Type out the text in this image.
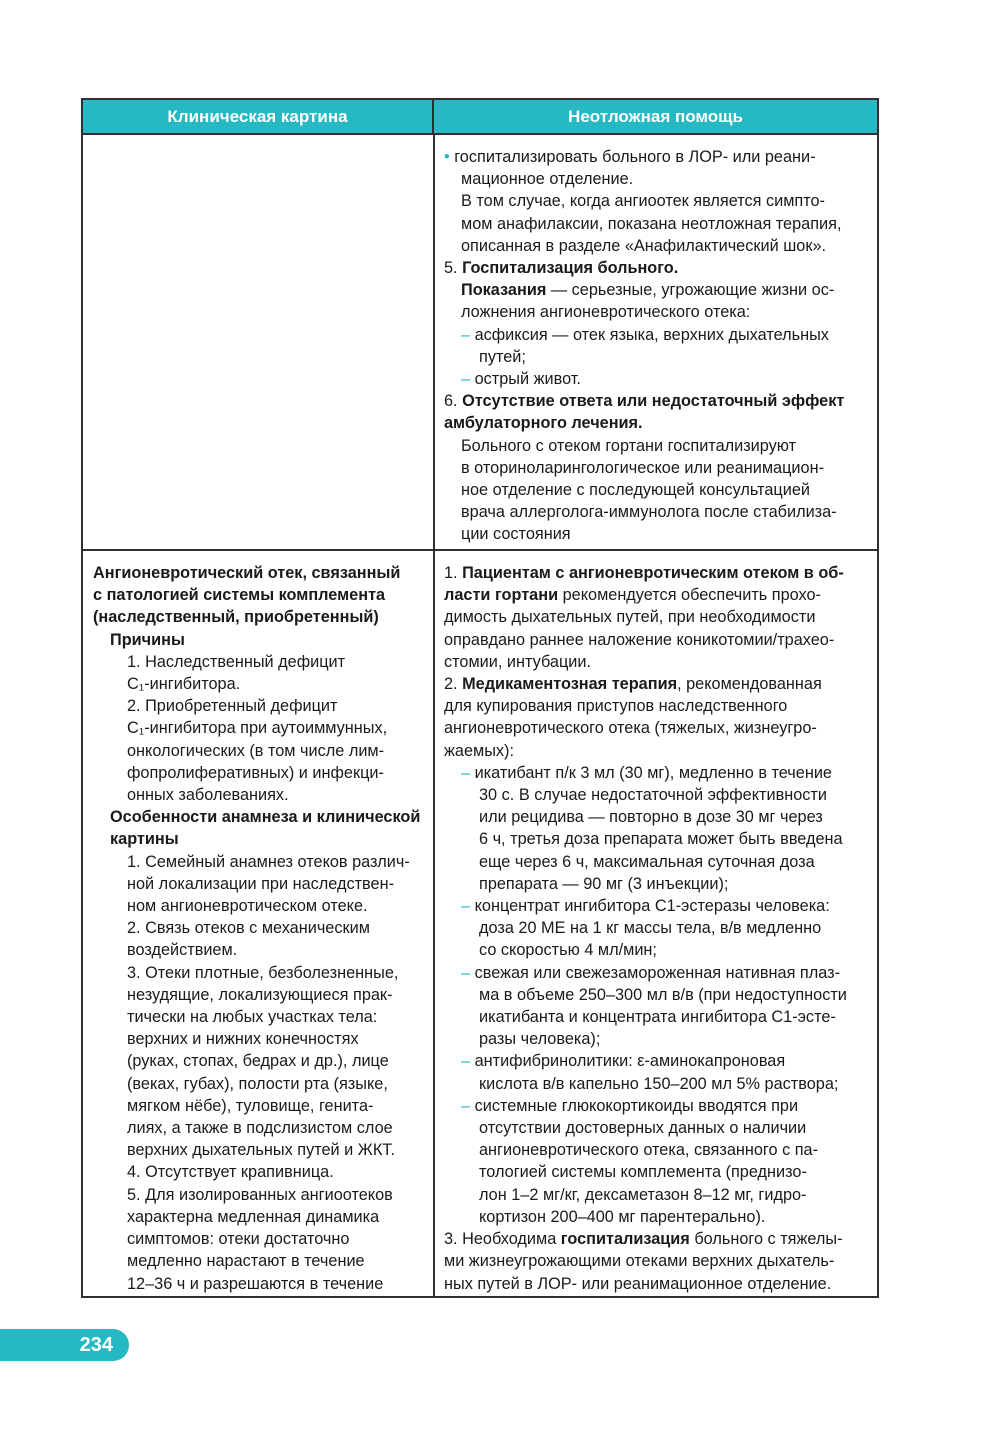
Клиническая картина	Неотложная помощь
• госпитализировать больного в ЛОР- или реани-
мационное отделение.
В том случае, когда ангиоотек является симпто-
мом анафилаксии, показана неотложная терапия,
описанная в разделе «Анафилактический шок».
5. Госпитализация больного.
Показания — серьезные, угрожающие жизни ос-
ложнения ангионевротического отека:
– асфиксия — отек языка, верхних дыхательных
путей;
– острый живот.
6. Отсутствие ответа или недостаточный эффект
амбулаторного лечения.
Больного с отеком гортани госпитализируют
в оториноларингологическое или реанимацион-
ное отделение с последующей консультацией
врача аллерголога-иммунолога после стабилиза-
ции состояния
Ангионевротический отек, связанный
с патологией системы комплемента
(наследственный, приобретенный)
Причины
1. Наследственный дефицит
C₁-ингибитора.
2. Приобретенный дефицит
C₁-ингибитора при аутоиммунных,
онкологических (в том числе лим-
фопролиферативных) и инфекци-
онных заболеваниях.
Особенности анамнеза и клинической
картины
1. Семейный анамнез отеков различ-
ной локализации при наследствен-
ном ангионевротическом отеке.
2. Связь отеков с механическим
воздействием.
3. Отеки плотные, безболезненные,
незудящие, локализующиеся прак-
тически на любых участках тела:
верхних и нижних конечностях
(руках, стопах, бедрах и др.), лице
(веках, губах), полости рта (языке,
мягком нёбе), туловище, генита-
лиях, а также в подслизистом слое
верхних дыхательных путей и ЖКТ.
4. Отсутствует крапивница.
5. Для изолированных ангиоотеков
характерна медленная динамика
симптомов: отеки достаточно
медленно нарастают в течение
12–36 ч и разрешаются в течение
1. Пациентам с ангионевротическим отеком в об-
ласти гортани рекомендуется обеспечить прохо-
димость дыхательных путей, при необходимости
оправдано раннее наложение коникотомии/трахео-
стомии, интубации.
2. Медикаментозная терапия, рекомендованная
для купирования приступов наследственного
ангионевротического отека (тяжелых, жизнеугро-
жаемых):
– икатибант п/к 3 мл (30 мг), медленно в течение
30 с. В случае недостаточной эффективности
или рецидива — повторно в дозе 30 мг через
6 ч, третья доза препарата может быть введена
еще через 6 ч, максимальная суточная доза
препарата — 90 мг (3 инъекции);
– концентрат ингибитора С1-эстеразы человека:
доза 20 МЕ на 1 кг массы тела, в/в медленно
со скоростью 4 мл/мин;
– свежая или свежезамороженная нативная плаз-
ма в объеме 250–300 мл в/в (при недоступности
икатибанта и концентрата ингибитора С1-эсте-
разы человека);
– антифибринолитики: ε-аминокапроновая
кислота в/в капельно 150–200 мл 5% раствора;
– системные глюкокортикоиды вводятся при
отсутствии достоверных данных о наличии
ангионевротического отека, связанного с па-
тологией системы комплемента (преднизо-
лон 1–2 мг/кг, дексаметазон 8–12 мг, гидро-
кортизон 200–400 мг парентерально).
3. Необходима госпитализация больного с тяжелы-
ми жизнеугрожающими отеками верхних дыхатель-
ных путей в ЛОР- или реанимационное отделение.
234
